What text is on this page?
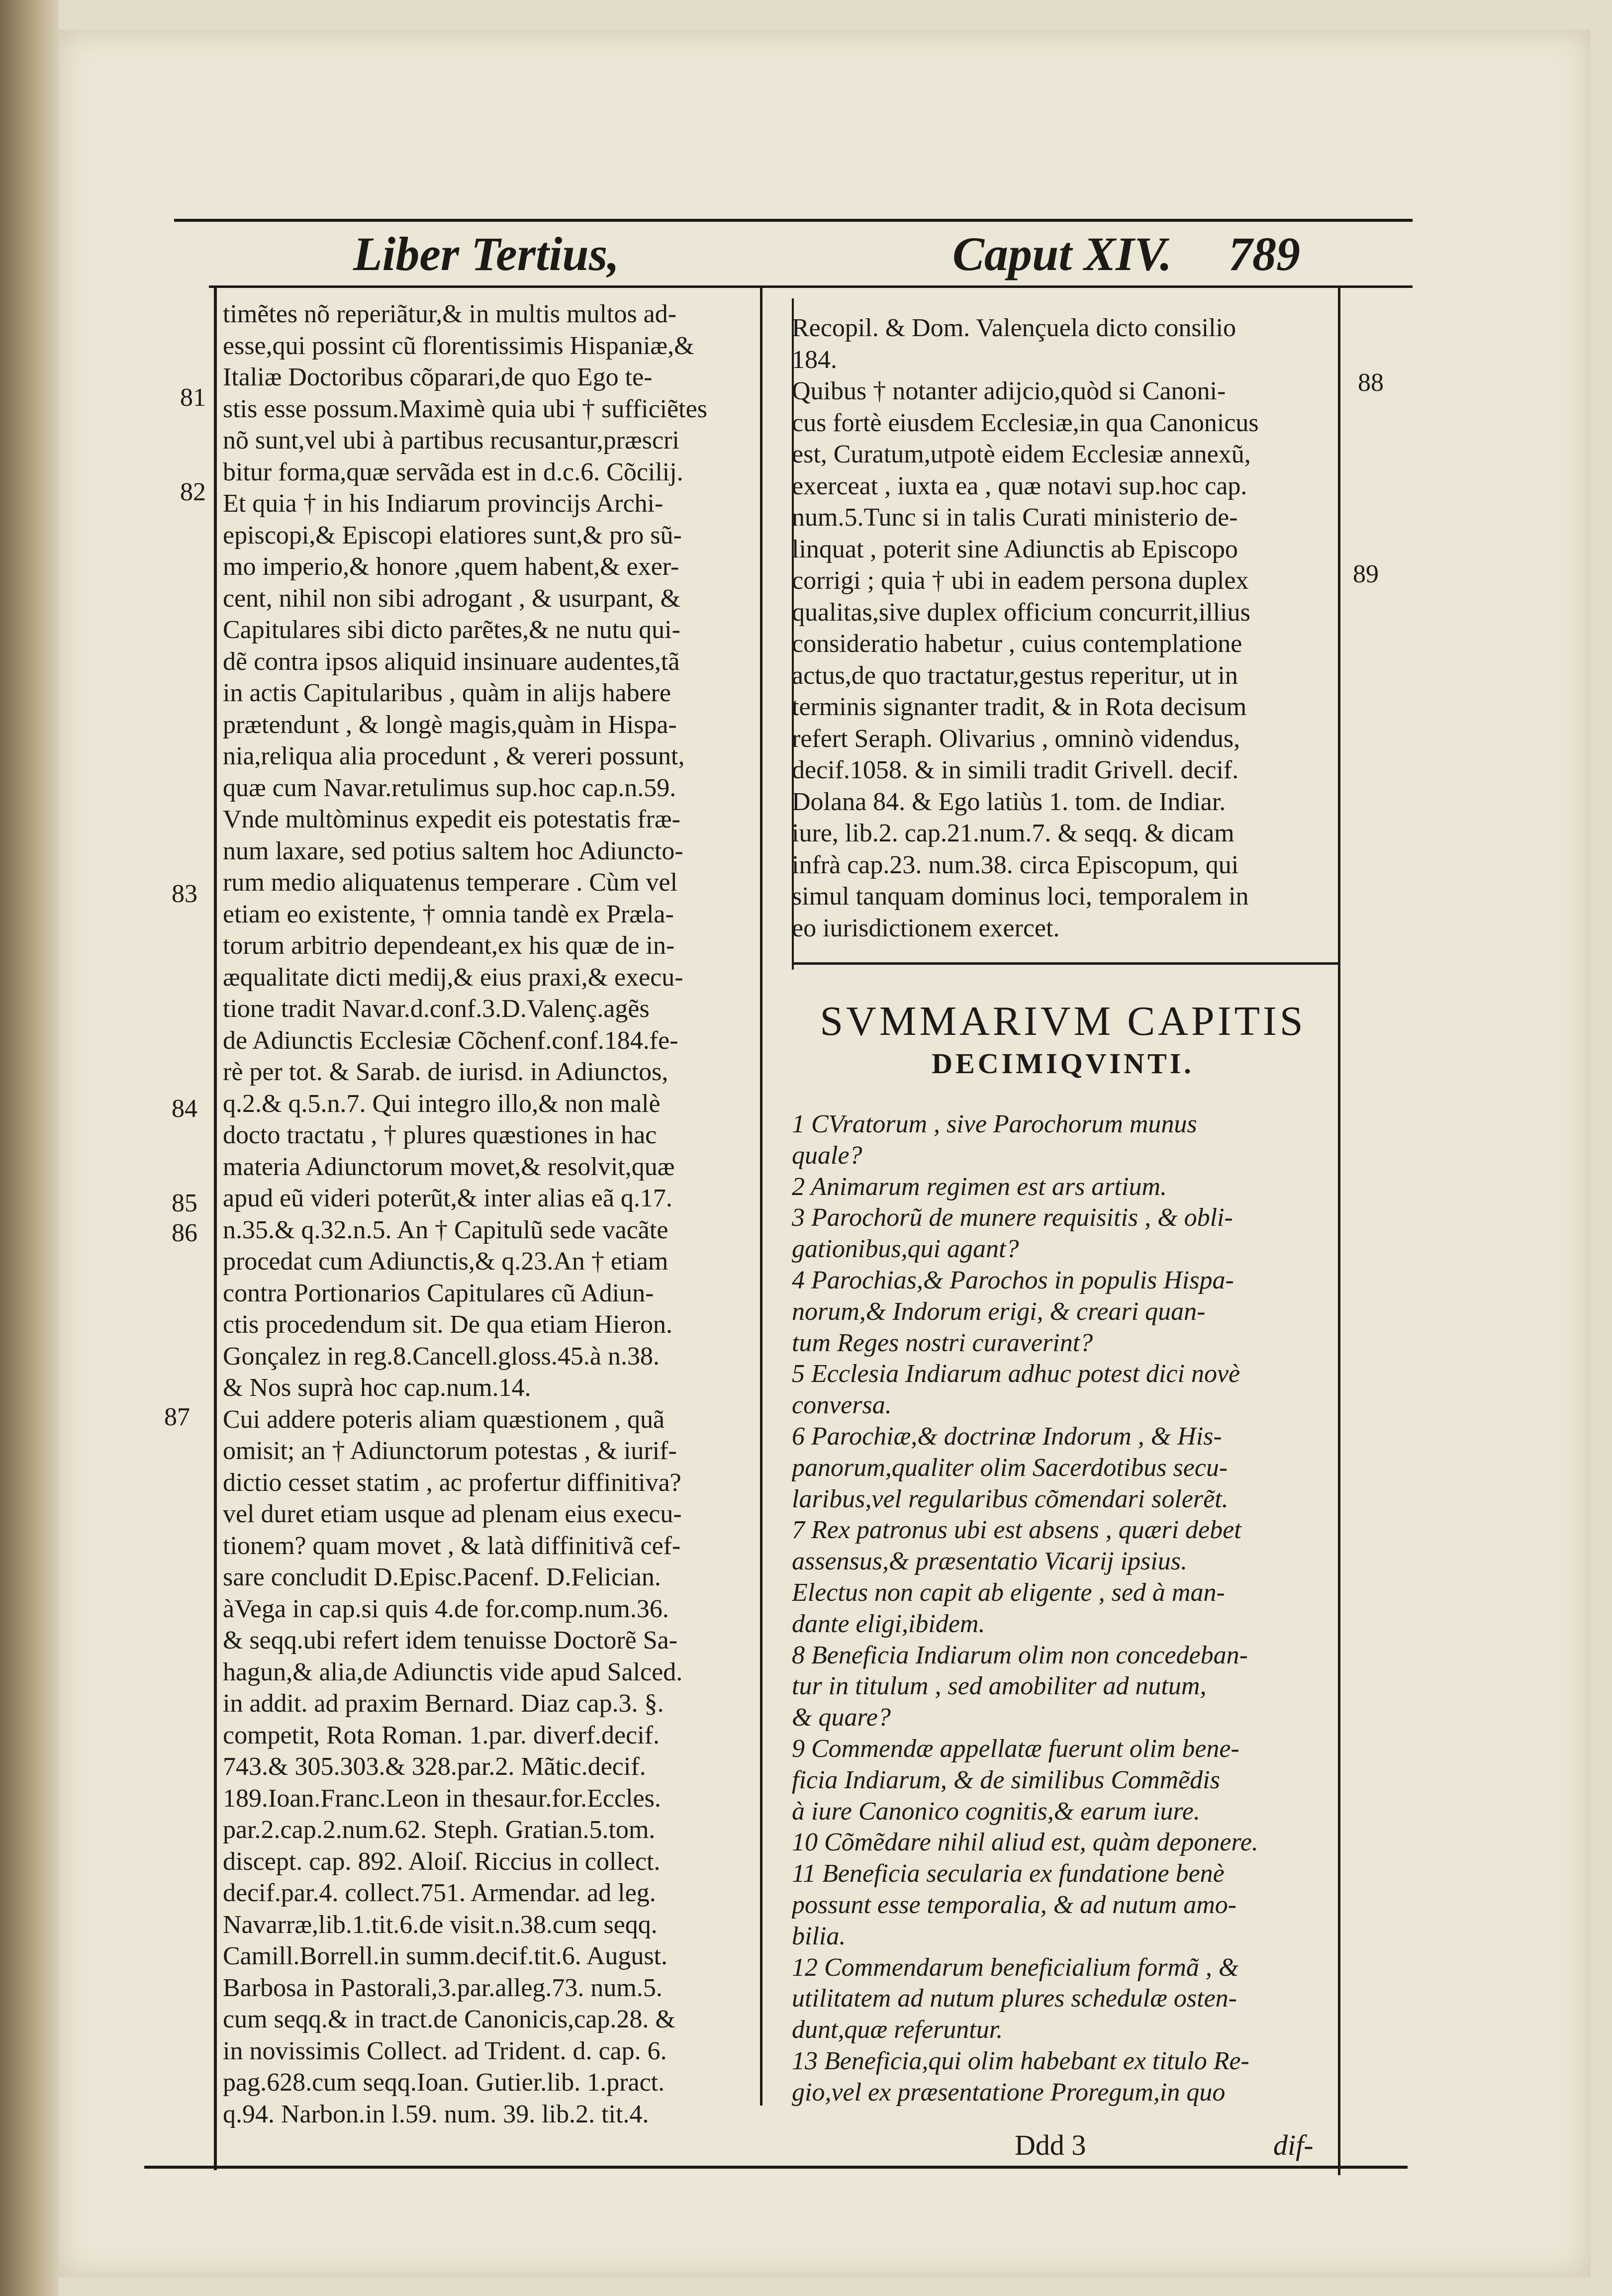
Liber Tertius,	Caput XIV. 789
timẽtes nõ reperiãtur,& in multis multos ad-
esse,qui possint cũ florentissimis Hispaniæ,&
Italiæ Doctoribus cõparari,de quo Ego te-
stis esse possum.Maximè quia ubi † sufficiẽtes
nõ sunt,vel ubi à partibus recusantur,præscri
bitur forma,quæ servãda est in d.c.6. Cõcilij.
Et quia † in his Indiarum provincijs Archi-
episcopi,& Episcopi elatiores sunt,& pro sũ-
mo imperio,& honore ,quem habent,& exer-
cent, nihil non sibi adrogant , & usurpant, &
Capitulares sibi dicto parẽtes,& ne nutu qui-
dẽ contra ipsos aliquid insinuare audentes,tã
in actis Capitularibus , quàm in alijs habere
prætendunt , & longè magis,quàm in Hispa-
nia,reliqua alia procedunt , & vereri possunt,
quæ cum Navar.retulimus sup.hoc cap.n.59.
Vnde multòminus expedit eis potestatis fræ-
num laxare, sed potius saltem hoc Adiuncto-
rum medio aliquatenus temperare . Cùm vel
etiam eo existente, † omnia tandè ex Præla-
torum arbitrio dependeant,ex his quæ de in-
æqualitate dicti medij,& eius praxi,& execu-
tione tradit Navar.d.conf.3.D.Valenç.agẽs
de Adiunctis Ecclesiæ Cõchenf.conf.184.fe-
rè per tot. & Sarab. de iurisd. in Adiunctos,
q.2.& q.5.n.7. Qui integro illo,& non malè
docto tractatu , † plures quæstiones in hac
materia Adiunctorum movet,& resolvit,quæ
apud eũ videri poterũt,& inter alias eã q.17.
n.35.& q.32.n.5. An † Capitulũ sede vacãte
procedat cum Adiunctis,& q.23.An † etiam
contra Portionarios Capitulares cũ Adiun-
ctis procedendum sit. De qua etiam Hieron.
Gonçalez in reg.8.Cancell.gloss.45.à n.38.
& Nos suprà hoc cap.num.14.
Cui addere poteris aliam quæstionem , quã
omisit; an † Adiunctorum potestas , & iurif-
dictio cesset statim , ac profertur diffinitiva?
vel duret etiam usque ad plenam eius execu-
tionem? quam movet , & latà diffinitivã cef-
sare concludit D.Episc.Pacenf. D.Felician.
àVega in cap.si quis 4.de for.comp.num.36.
& seqq.ubi refert idem tenuisse Doctorẽ Sa-
hagun,& alia,de Adiunctis vide apud Salced.
in addit. ad praxim Bernard. Diaz cap.3. §.
competit, Rota Roman. 1.par. diverf.decif.
743.& 305.303.& 328.par.2. Mãtic.decif.
189.Ioan.Franc.Leon in thesaur.for.Eccles.
par.2.cap.2.num.62. Steph. Gratian.5.tom.
discept. cap. 892. Aloiſ. Riccius in collect.
decif.par.4. collect.751. Armendar. ad leg.
Navarræ,lib.1.tit.6.de visit.n.38.cum seqq.
Camill.Borrell.in summ.decif.tit.6. August.
Barbosa in Pastorali,3.par.alleg.73. num.5.
cum seqq.& in tract.de Canonicis,cap.28. &
in novissimis Collect. ad Trident. d. cap. 6.
pag.628.cum seqq.Ioan. Gutier.lib. 1.pract.
q.94. Narbon.in l.59. num. 39. lib.2. tit.4.
81
82
83
84
85
86
87
Recopil. & Dom. Valençuela dicto consilio
184.
Quibus † notanter adijcio,quòd si Canoni-
cus fortè eiusdem Ecclesiæ,in qua Canonicus
est, Curatum,utpotè eidem Ecclesiæ annexũ,
exerceat , iuxta ea , quæ notavi sup.hoc cap.
num.5.Tunc si in talis Curati ministerio de-
linquat , poterit sine Adiunctis ab Episcopo
corrigi ; quia † ubi in eadem persona duplex
qualitas,sive duplex officium concurrit,illius
consideratio habetur , cuius contemplatione
actus,de quo tractatur,gestus reperitur, ut in
terminis signanter tradit, & in Rota decisum
refert Seraph. Olivarius , omninò videndus,
decif.1058. & in simili tradit Grivell. decif.
Dolana 84. & Ego latiùs 1. tom. de Indiar.
iure, lib.2. cap.21.num.7. & seqq. & dicam
infrà cap.23. num.38. circa Episcopum, qui
simul tanquam dominus loci, temporalem in
eo iurisdictionem exercet.
88
89
SVMMARIVM CAPITIS
DECIMIQVINTI.
1 CVratorum , sive Parochorum munus
quale?
2 Animarum regimen est ars artium.
3 Parochorũ de munere requisitis , & obli-
gationibus,qui agant?
4 Parochias,& Parochos in populis Hispa-
norum,& Indorum erigi, & creari quan-
tum Reges nostri curaverint?
5 Ecclesia Indiarum adhuc potest dici novè
conversa.
6 Parochiæ,& doctrinæ Indorum , & His-
panorum,qualiter olim Sacerdotibus secu-
laribus,vel regularibus cõmendari solerẽt.
7 Rex patronus ubi est absens , quæri debet
assensus,& præsentatio Vicarij ipsius.
Electus non capit ab eligente , sed à man-
dante eligi,ibidem.
8 Beneficia Indiarum olim non concedeban-
tur in titulum , sed amobiliter ad nutum,
& quare?
9 Commendæ appellatæ fuerunt olim bene-
ficia Indiarum, & de similibus Commẽdis
à iure Canonico cognitis,& earum iure.
10 Cõmẽdare nihil aliud est, quàm deponere.
11 Beneficia secularia ex fundatione benè
possunt esse temporalia, & ad nutum amo-
bilia.
12 Commendarum beneficialium formã , &
utilitatem ad nutum plures schedulæ osten-
dunt,quæ referuntur.
13 Beneficia,qui olim habebant ex titulo Re-
gio,vel ex præsentatione Proregum,in quo
Ddd 3	dif-
